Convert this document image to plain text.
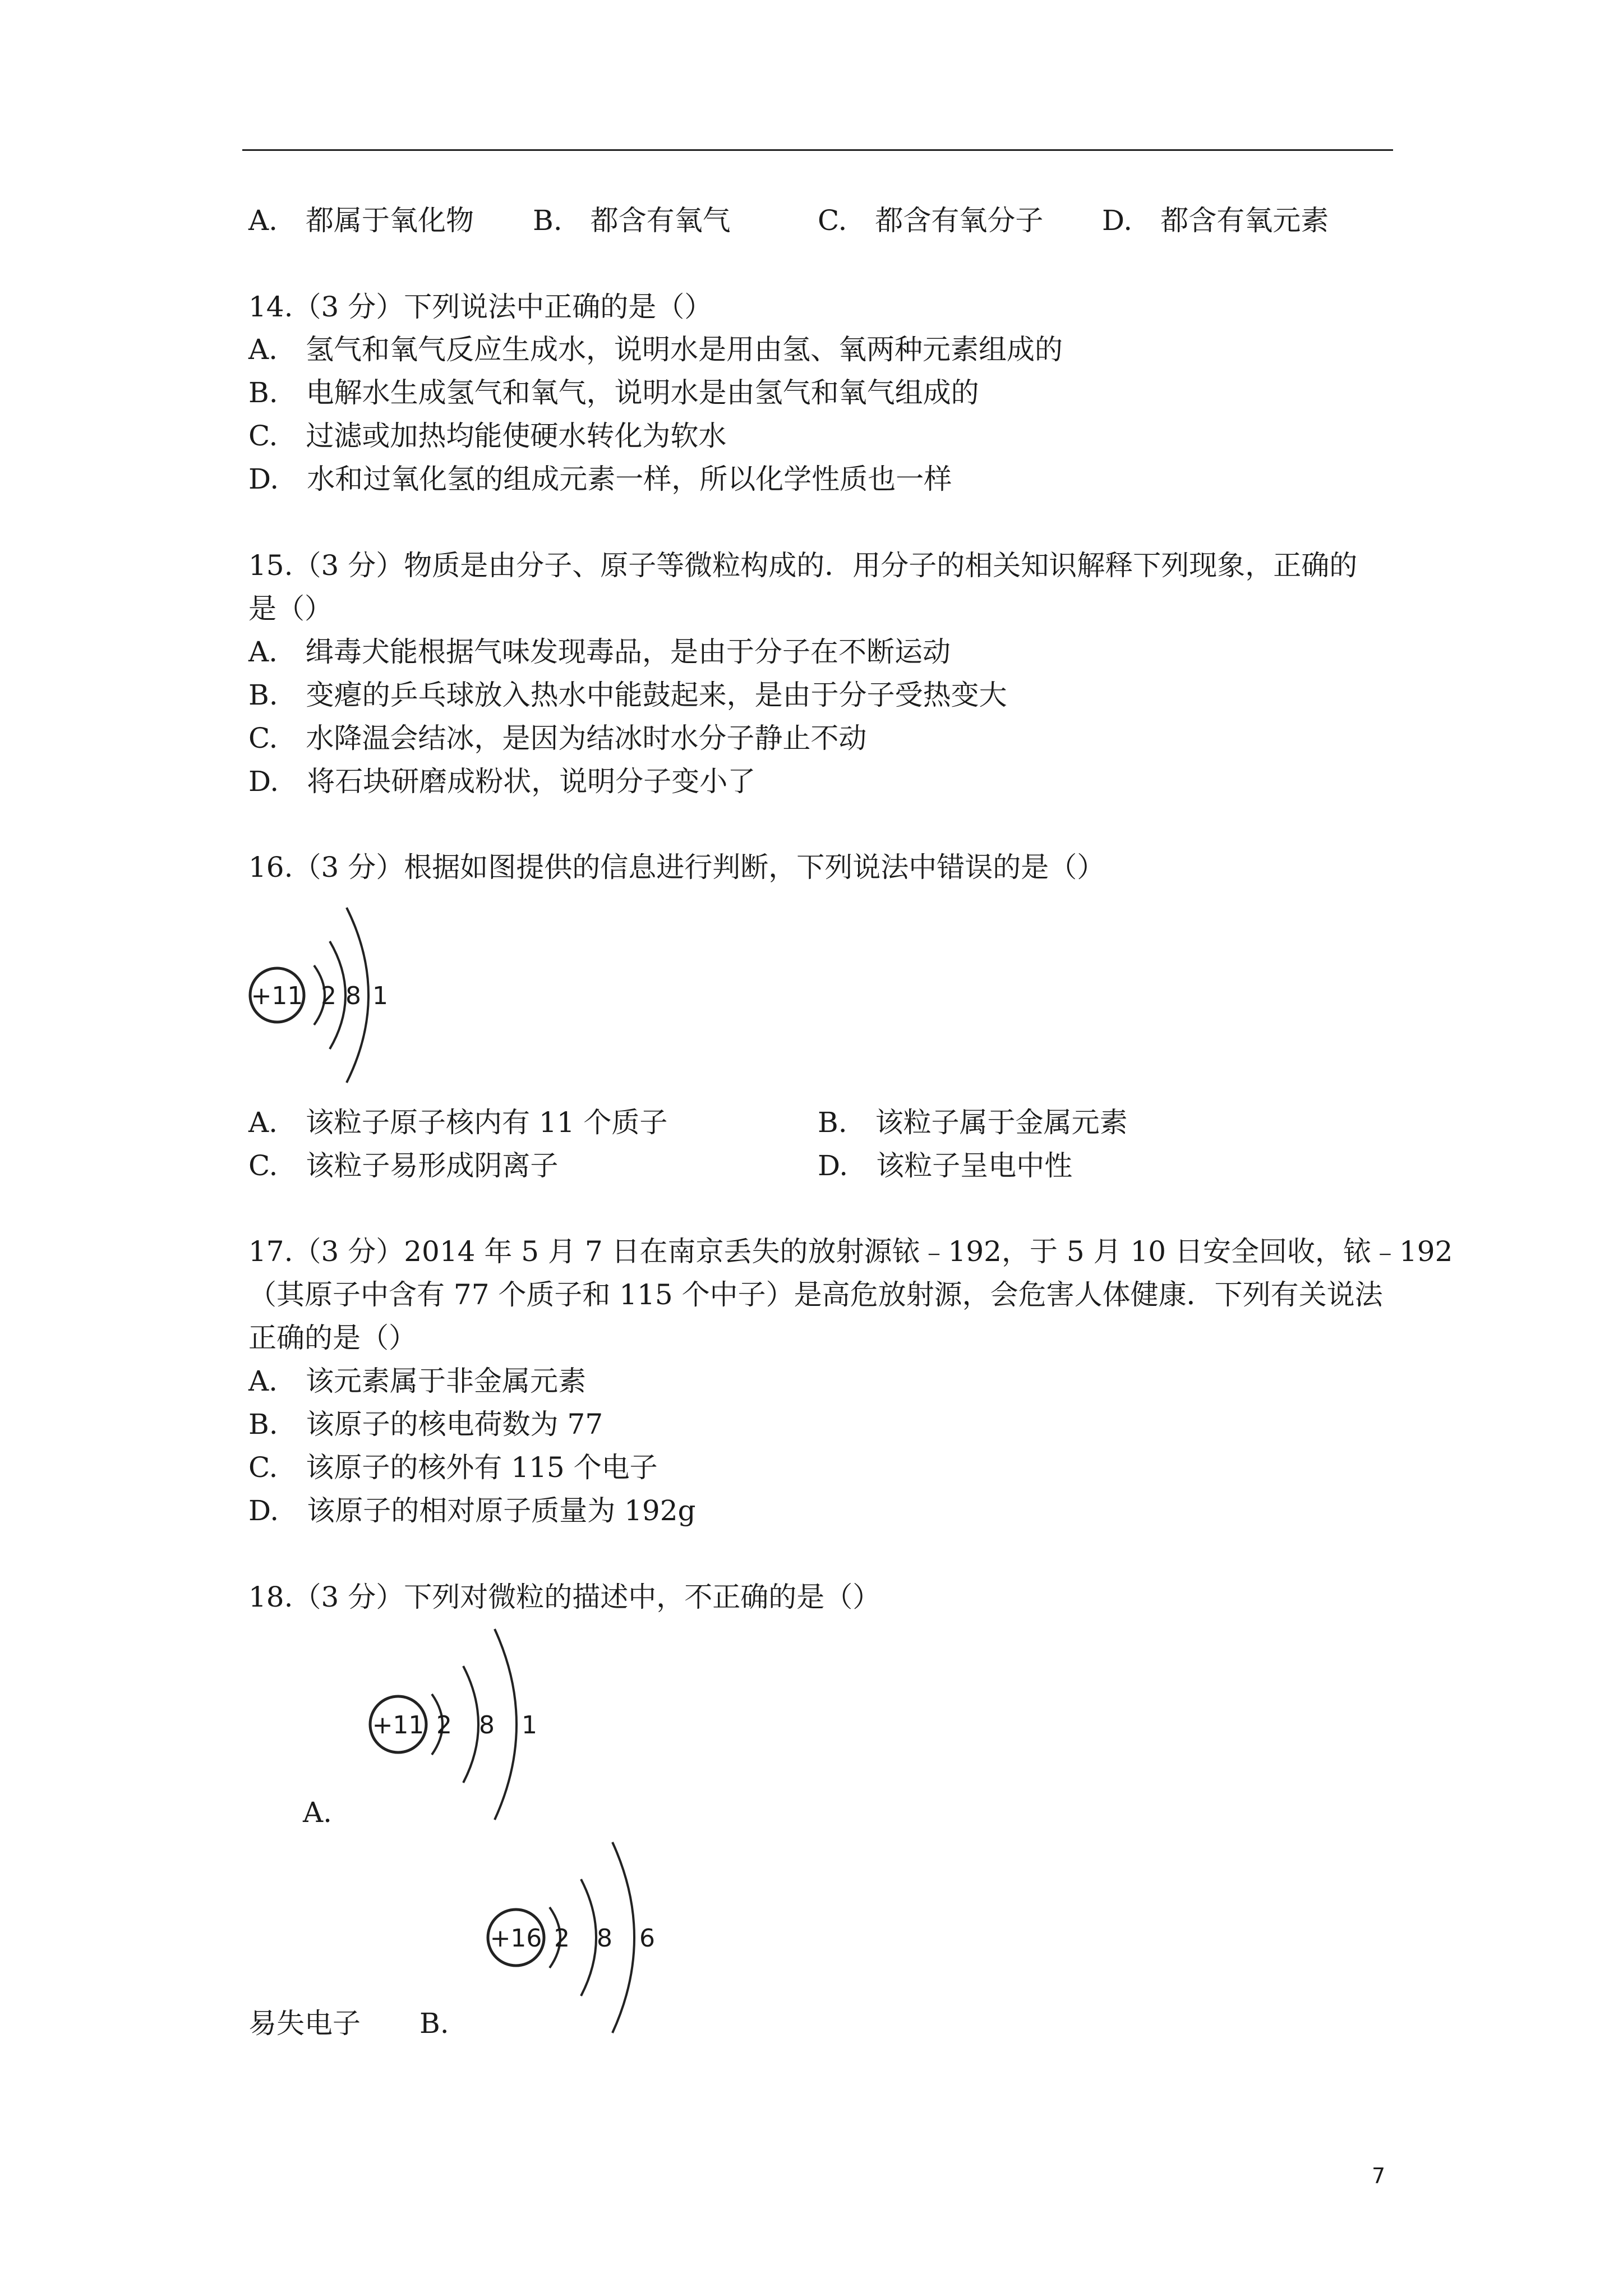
A.　都属于氧化物 B.　都含有氧气	C.　都含有氧分子 D.　都含有氧元素
14.（3 分）下列说法中正确的是（）
A.　氢气和氧气反应生成水，说明水是用由氢、氧两种元素组成的
B.　电解水生成氢气和氧气，说明水是由氢气和氧气组成的
C.　过滤或加热均能使硬水转化为软水
D.　水和过氧化氢的组成元素一样，所以化学性质也一样
15.（3 分）物质是由分子、原子等微粒构成的．用分子的相关知识解释下列现象，正确的
是（）
A.　缉毒犬能根据气味发现毒品，是由于分子在不断运动
B.　变瘪的乒乓球放入热水中能鼓起来，是由于分子受热变大
C.　水降温会结冰，是因为结冰时水分子静止不动
D.　将石块研磨成粉状，说明分子变小了
16.（3 分）根据如图提供的信息进行判断，下列说法中错误的是（）
+11 2 8 1
A.　该粒子原子核内有 11 个质子	B.　该粒子属于金属元素
C.　该粒子易形成阴离子	D.　该粒子呈电中性
17.（3 分）2014 年 5 月 7 日在南京丢失的放射源铱﹣192，于 5 月 10 日安全回收，铱﹣192
（其原子中含有 77 个质子和 115 个中子）是高危放射源，会危害人体健康．下列有关说法
正确的是（）
A.　该元素属于非金属元素
B.　该原子的核电荷数为 77
C.　该原子的核外有 115 个电子
D.　该原子的相对原子质量为 192g
18.（3 分）下列对微粒的描述中，不正确的是（）
+11 2 8 1
A.
+16 2 8 6
易失电子 B.
7
